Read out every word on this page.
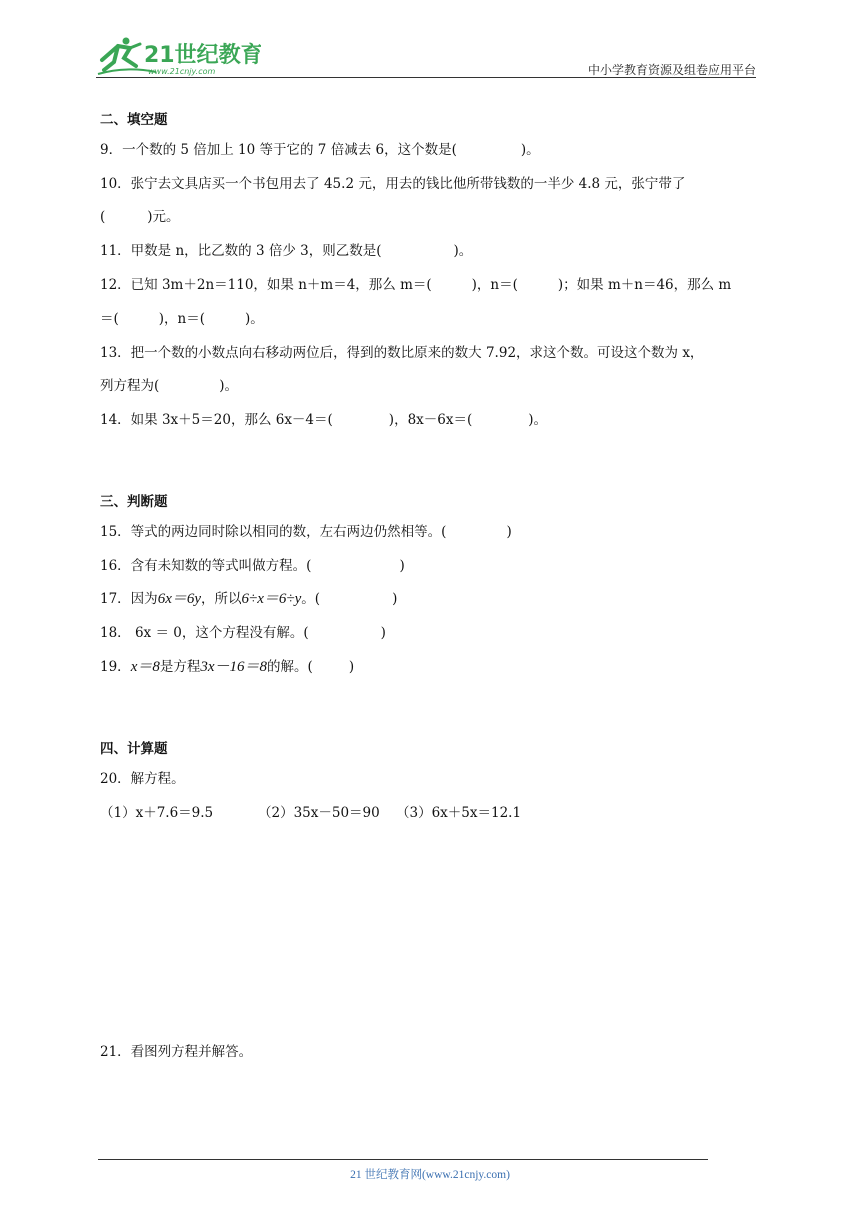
21世纪教育
www.21cnjy.com	中小学教育资源及组卷应用平台
二、填空题
9．一个数的 5 倍加上 10 等于它的 7 倍减去 6，这个数是(	)。
10．张宁去文具店买一个书包用去了 45.2 元，用去的钱比他所带钱数的一半少 4.8 元，张宁带了
(	)元。
11．甲数是 n，比乙数的 3 倍少 3，则乙数是(	)。
12．已知 3m＋2n＝110，如果 n＋m＝4，那么 m＝(	)，n＝(	)；如果 m＋n＝46，那么 m
＝(	)，n＝(	)。
13．把一个数的小数点向右移动两位后，得到的数比原来的数大 7.92，求这个数。可设这个数为 x，
列方程为(	)。
14．如果 3x＋5＝20，那么 6x－4＝(	)，8x－6x＝(	)。
三、判断题
15．等式的两边同时除以相同的数，左右两边仍然相等。(	)
16．含有未知数的等式叫做方程。(	)
17．因为6x＝6y，所以6÷x＝6÷y。(	)
18． 6x ＝ 0，这个方程没有解。(	)
19．x＝8是方程3x－16＝8的解。(	)
四、计算题
20．解方程。
（1）x＋7.6＝9.5	（2）35x－50＝90 （3）6x＋5x＝12.1
21．看图列方程并解答。
21 世纪教育网(www.21cnjy.com)
